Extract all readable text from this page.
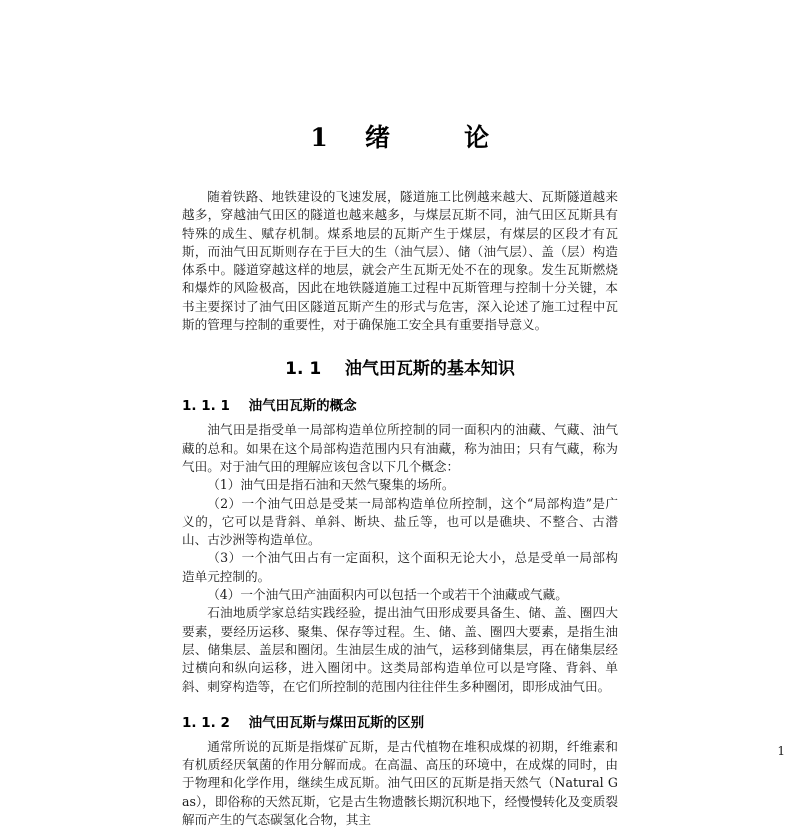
1    绪        论

随着铁路、地铁建设的飞速发展，隧道施工比例越来越大、瓦斯隧道越来越多，穿越油气田区的隧道也越来越多，与煤层瓦斯不同，油气田区瓦斯具有特殊的成生、赋存机制。煤系地层的瓦斯产生于煤层，有煤层的区段才有瓦斯，而油气田瓦斯则存在于巨大的生（油气层）、储（油气层）、盖（层）构造体系中。隧道穿越这样的地层，就会产生瓦斯无处不在的现象。发生瓦斯燃烧和爆炸的风险极高，因此在地铁隧道施工过程中瓦斯管理与控制十分关键，本书主要探讨了油气田区隧道瓦斯产生的形式与危害，深入论述了施工过程中瓦斯的管理与控制的重要性，对于确保施工安全具有重要指导意义。

1. 1    油气田瓦斯的基本知识
1. 1. 1    油气田瓦斯的概念

油气田是指受单一局部构造单位所控制的同一面积内的油藏、气藏、油气藏的总和。如果在这个局部构造范围内只有油藏，称为油田；只有气藏，称为气田。对于油气田的理解应该包含以下几个概念：

（1）油气田是指石油和天然气聚集的场所。

（2）一个油气田总是受某一局部构造单位所控制，这个“局部构造”是广义的，它可以是背斜、单斜、断块、盐丘等，也可以是礁块、不整合、古潜山、古沙洲等构造单位。

（3）一个油气田占有一定面积，这个面积无论大小，总是受单一局部构造单元控制的。

（4）一个油气田产油面积内可以包括一个或若干个油藏或气藏。

石油地质学家总结实践经验，提出油气田形成要具备生、储、盖、圈四大要素，要经历运移、聚集、保存等过程。生、储、盖、圈四大要素，是指生油层、储集层、盖层和圈闭。生油层生成的油气，运移到储集层，再在储集层经过横向和纵向运移，进入圈闭中。这类局部构造单位可以是穹隆、背斜、单斜、刺穿构造等，在它们所控制的范围内往往伴生多种圈闭，即形成油气田。

1. 1. 2    油气田瓦斯与煤田瓦斯的区别

通常所说的瓦斯是指煤矿瓦斯，是古代植物在堆积成煤的初期，纤维素和有机质经厌氧菌的作用分解而成。在高温、高压的环境中，在成煤的同时，由于物理和化学作用，继续生成瓦斯。油气田区的瓦斯是指天然气（Natural Gas），即俗称的天然瓦斯，它是古生物遗骸长期沉积地下，经慢慢转化及变质裂解而产生的气态碳氢化合物，其主

1
